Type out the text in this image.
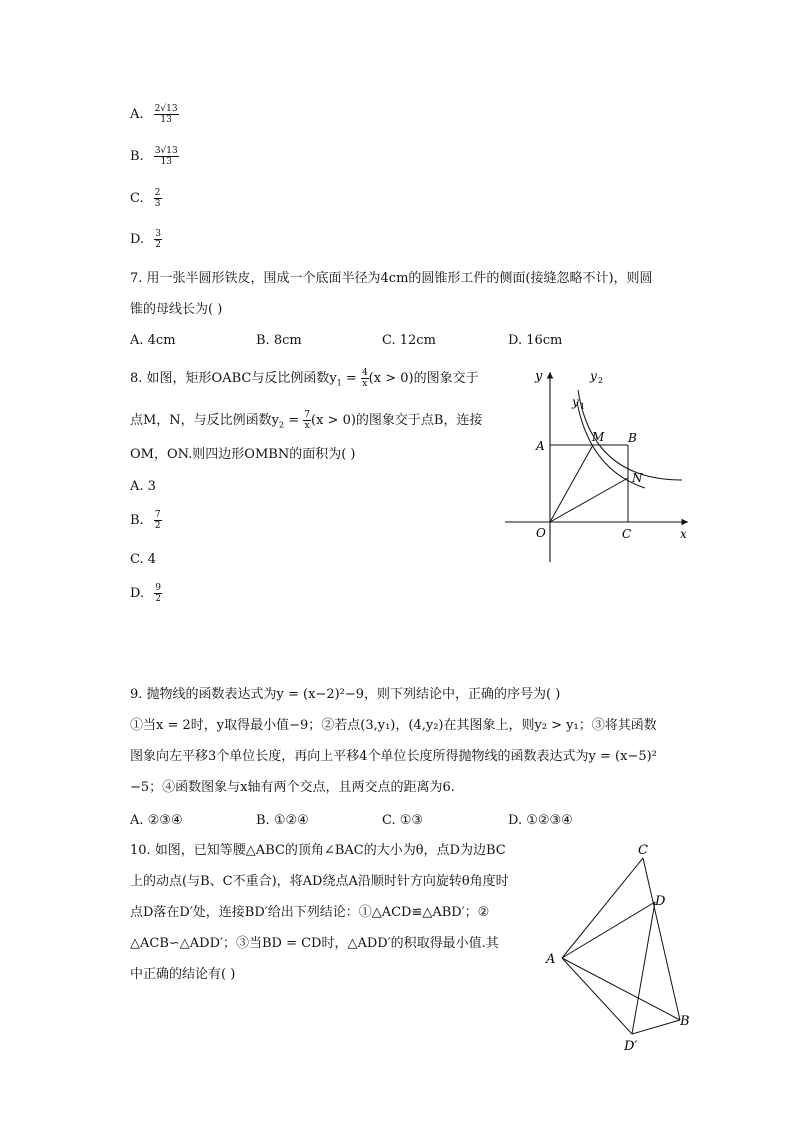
A. $\frac{2√13}{13}$
B. $\frac{3√13}{13}$
C. $\frac{2}{3}$
D. $\frac{3}{2}$
7. 用一张半圆形铁皮，围成一个底面半径为4cm的圆锥形工件的侧面(接缝忽略不计)，则圆
锥的母线长为( )
A. 4cm	B. 8cm	C. 12cm	D. 16cm
8. 如图，矩形OABC与反比例函数$y_1 = \frac{4}{x} (x > 0)$的图象交于
点M，N，与反比例函数$y_2 = \frac{7}{x} (x > 0)$的图象交于点B，连接
OM，ON.则四边形OMBN的面积为( )
A. 3
B. $\frac{7}{2}$
C. 4
D. $\frac{9}{2}$
y	y 2
y 1
A
M B
N
O	C	x
9. 抛物线的函数表达式为y = (x−2)²−9，则下列结论中，正确的序号为( )
①当x = 2时，y取得最小值−9；②若点(3,y₁)，(4,y₂)在其图象上，则y₂ > y₁；③将其函数
图象向左平移3个单位长度，再向上平移4个单位长度所得抛物线的函数表达式为y = (x−5)²
−5；④函数图象与x轴有两个交点，且两交点的距离为6.
A. ②③④	B. ①②④	C. ①③	D. ①②③④
10. 如图，已知等腰△ABC的顶角∠BAC的大小为θ，点D为边BC
上的动点(与B、C不重合)，将AD绕点A沿顺时针方向旋转θ角度时
点D落在D′处，连接BD′给出下列结论：①△ACD≌△ABD′；②
△ACB∽△ADD′；③当BD = CD时，△ADD′的积取得最小值.其
中正确的结论有( )
C
D
A
B
D′
